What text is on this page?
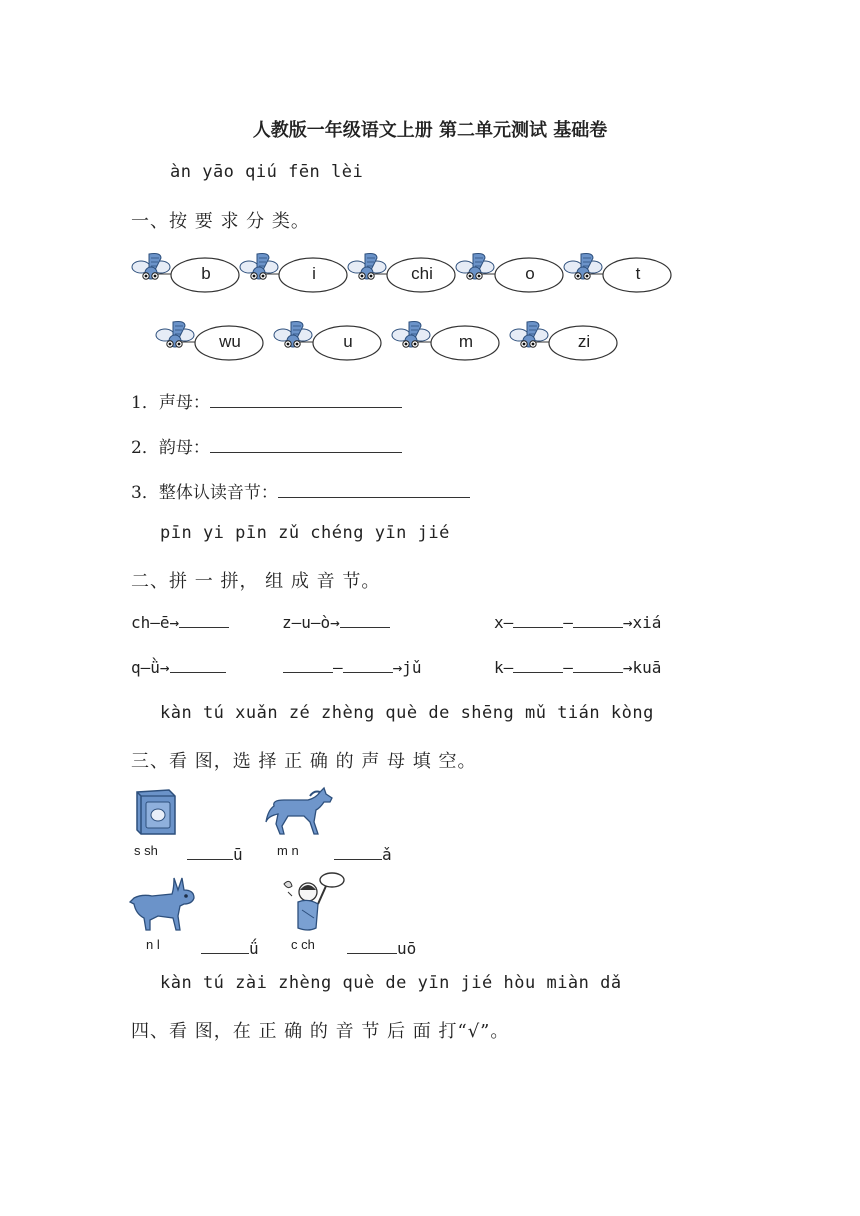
人教版一年级语文上册 第二单元测试 基础卷
àn yāo qiú fēn lèi
一、按 要 求 分 类。
b	i	chi	o	t
wu	u	m	zi
1．声母：
2．韵母：
3．整体认读音节：
pīn yi pīn zǔ chéng yīn jié
二、拼 一 拼， 组 成 音 节。
ch—ē→	z—u—ò→	x—	—	→xiá
q—ǜ→	—	→jǔ	k—	—	→kuā
kàn tú xuǎn zé zhèng què de shēng mǔ tián kòng
三、看 图，选 择 正 确 的 声 母 填 空。
s sh	ū	m n	ǎ
n l	ǘ c ch	uō
kàn tú zài zhèng què de yīn jié hòu miàn dǎ
四、看 图，在 正 确 的 音 节 后 面 打“√”。
